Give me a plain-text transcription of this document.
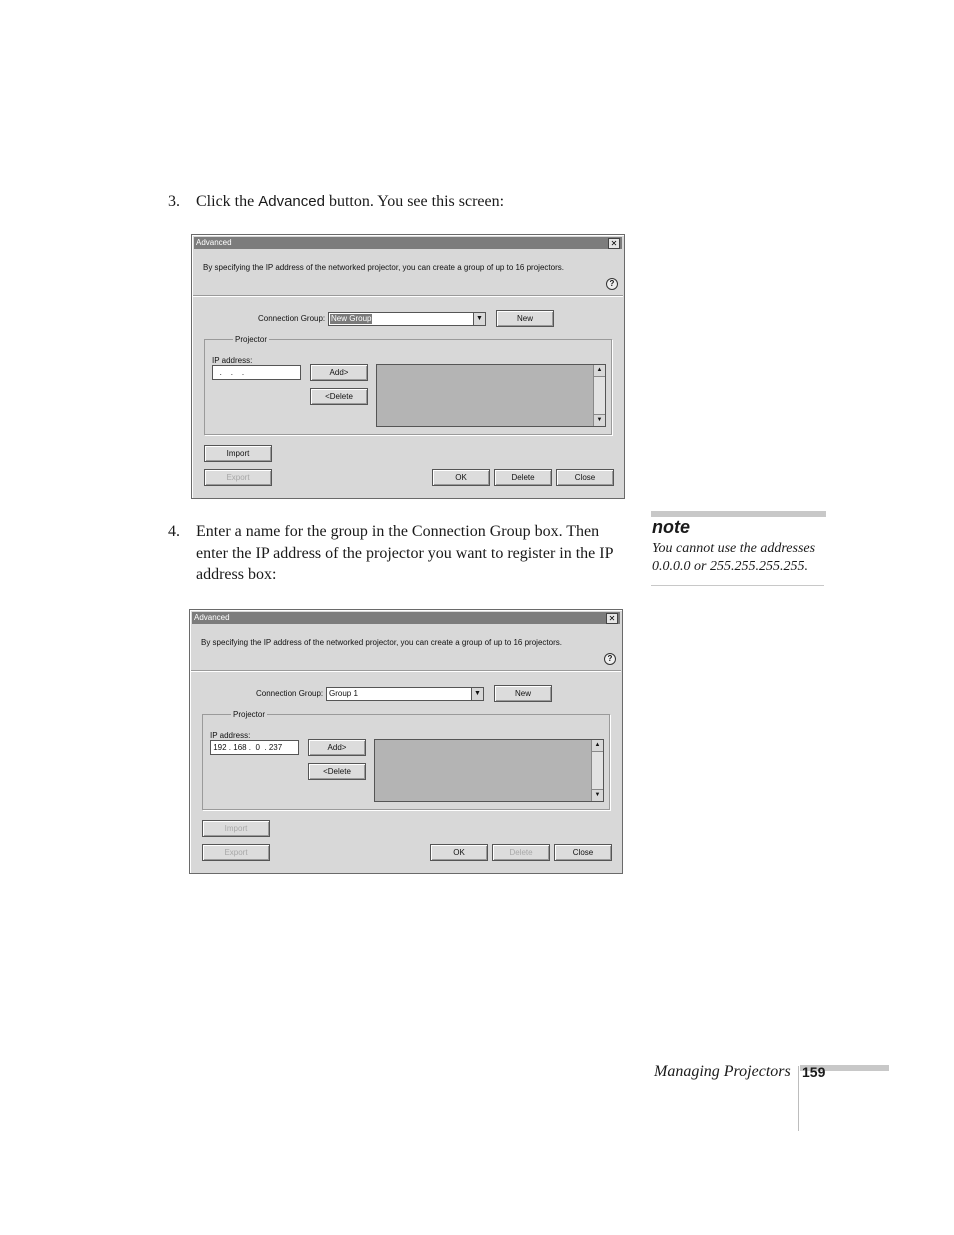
3. Click the Advanced button. You see this screen:
Advanced	✕
By specifying the IP address of the networked projector, you can create a group of up to 16 projectors.
?
Connection Group: New Group	▼	New
Projector
IP address:
.    .    .	Add>
<Delete
▲
▼
Import
Export	OK	Delete	Close
4. Enter a name for the group in the Connection Group box. Then
enter the IP address of the projector you want to register in the IP
address box:
note
You cannot use the addresses
0.0.0.0 or 255.255.255.255.
Advanced	✕
By specifying the IP address of the networked projector, you can create a group of up to 16 projectors.
?
Connection Group: Group 1	▼	New
Projector
IP address:
192 . 168 .  0  . 237	Add>
<Delete
▲
▼
Import
Export	OK	Delete	Close
Managing Projectors 159
